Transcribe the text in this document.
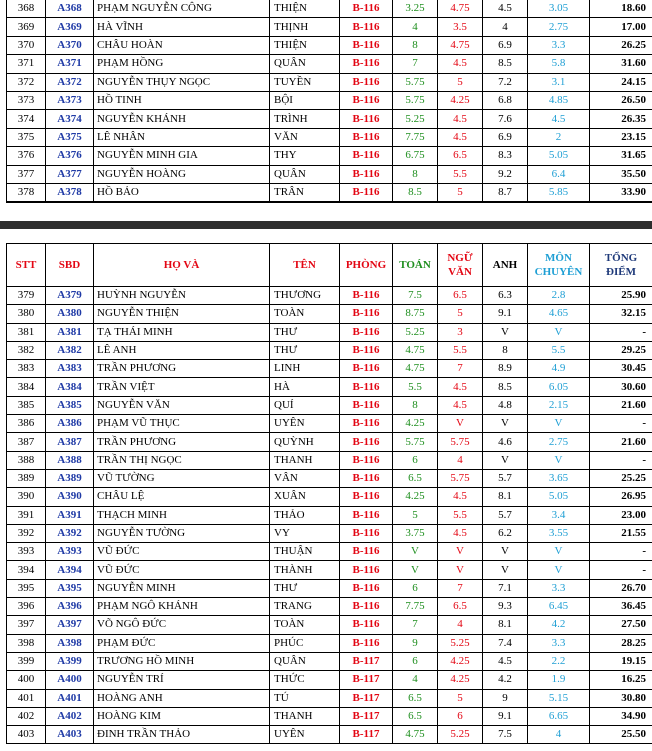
368	A368	PHẠM NGUYỄN CÔNG	THIỆN	B-116	3.25	4.75	4.5	3.05	18.60
369	A369	HÀ VĨNH	THỊNH	B-116	4	3.5	4	2.75	17.00
370	A370	CHÂU HOÀN	THIỆN	B-116	8	4.75	6.9	3.3	26.25
371	A371	PHẠM HỒNG	QUÂN	B-116	7	4.5	8.5	5.8	31.60
372	A372	NGUYỄN THỤY NGỌC	TUYỀN	B-116	5.75	5	7.2	3.1	24.15
373	A373	HỒ TINH	BỘI	B-116	5.75	4.25	6.8	4.85	26.50
374	A374	NGUYỄN KHÁNH	TRÌNH	B-116	5.25	4.5	7.6	4.5	26.35
375	A375	LÊ NHÂN	VĂN	B-116	7.75	4.5	6.9	2	23.15
376	A376	NGUYỄN MINH GIA	THY	B-116	6.75	6.5	8.3	5.05	31.65
377	A377	NGUYỄN HOÀNG	QUÂN	B-116	8	5.5	9.2	6.4	35.50
378	A378	HỒ BẢO	TRÂN	B-116	8.5	5	8.7	5.85	33.90
STT	SBD	HỌ VÀ	TÊN	PHÒNG	TOÁN	NGỮ VĂN	ANH	MÔN CHUYÊN	TỔNG ĐIỂM
379	A379	HUỲNH NGUYỄN	THƯƠNG	B-116	7.5	6.5	6.3	2.8	25.90
380	A380	NGUYỄN THIỆN	TOÀN	B-116	8.75	5	9.1	4.65	32.15
381	A381	TẠ THÁI MINH	THƯ	B-116	5.25	3	V	V	-
382	A382	LÊ ANH	THƯ	B-116	4.75	5.5	8	5.5	29.25
383	A383	TRẦN PHƯƠNG	LINH	B-116	4.75	7	8.9	4.9	30.45
384	A384	TRẦN VIỆT	HÀ	B-116	5.5	4.5	8.5	6.05	30.60
385	A385	NGUYỄN VĂN	QUÍ	B-116	8	4.5	4.8	2.15	21.60
386	A386	PHẠM VŨ THỤC	UYÊN	B-116	4.25	V	V	V	-
387	A387	TRẦN PHƯƠNG	QUỲNH	B-116	5.75	5.75	4.6	2.75	21.60
388	A388	TRẦN THỊ NGỌC	THANH	B-116	6	4	V	V	-
389	A389	VŨ TƯỜNG	VÂN	B-116	6.5	5.75	5.7	3.65	25.25
390	A390	CHÂU LỆ	XUÂN	B-116	4.25	4.5	8.1	5.05	26.95
391	A391	THẠCH MINH	THẢO	B-116	5	5.5	5.7	3.4	23.00
392	A392	NGUYỄN TƯỜNG	VY	B-116	3.75	4.5	6.2	3.55	21.55
393	A393	VŨ ĐỨC	THUẬN	B-116	V	V	V	V	-
394	A394	VŨ ĐỨC	THÀNH	B-116	V	V	V	V	-
395	A395	NGUYỄN MINH	THƯ	B-116	6	7	7.1	3.3	26.70
396	A396	PHẠM NGÔ KHÁNH	TRANG	B-116	7.75	6.5	9.3	6.45	36.45
397	A397	VÕ NGÔ ĐỨC	TOÀN	B-116	7	4	8.1	4.2	27.50
398	A398	PHẠM ĐỨC	PHÚC	B-116	9	5.25	7.4	3.3	28.25
399	A399	TRƯƠNG HỒ MINH	QUÂN	B-117	6	4.25	4.5	2.2	19.15
400	A400	NGUYỄN TRÍ	THỨC	B-117	4	4.25	4.2	1.9	16.25
401	A401	HOÀNG ANH	TÚ	B-117	6.5	5	9	5.15	30.80
402	A402	HOÀNG KIM	THANH	B-117	6.5	6	9.1	6.65	34.90
403	A403	ĐINH TRẦN THẢO	UYÊN	B-117	4.75	5.25	7.5	4	25.50
